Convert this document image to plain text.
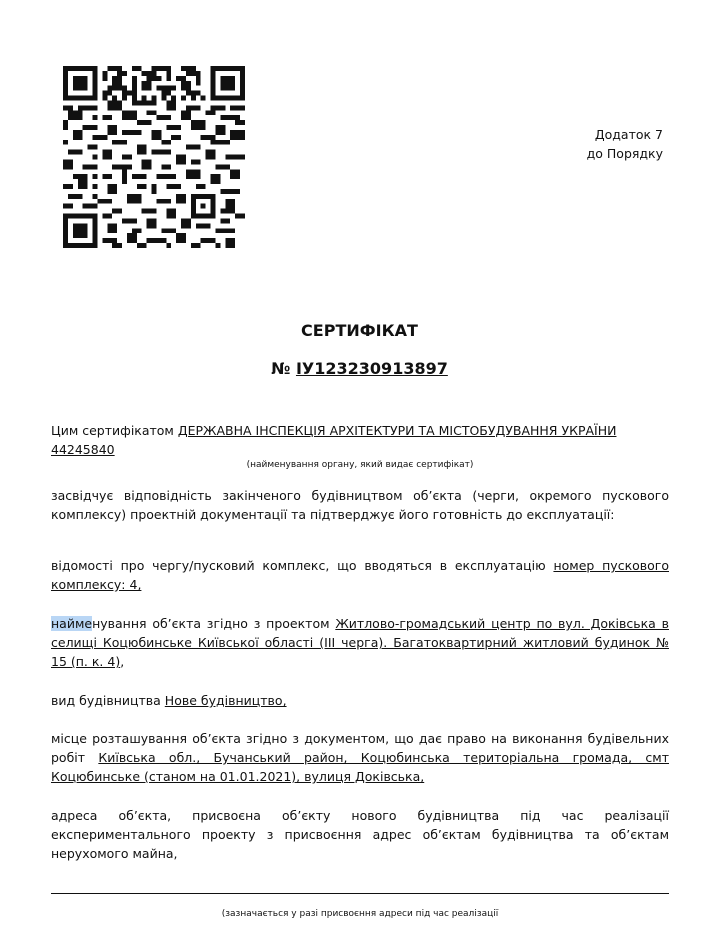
Додаток 7
до Порядку
СЕРТИФІКАТ
№ ІУ123230913897
Цим сертифікатом ДЕРЖАВНА ІНСПЕКЦІЯ АРХІТЕКТУРИ ТА МІСТОБУДУВАННЯ УКРАЇНИ
44245840
(найменування органу, який видає сертифікат)
засвідчує відповідність закінченого будівництвом об’єкта (черги, окремого пускового комплексу) проектній документації та підтверджує його готовність до експлуатації:
відомості про чергу/пусковий комплекс, що вводяться в експлуатацію номер пускового комплексу: 4,
найменування об’єкта згідно з проектом Житлово-громадський центр по вул. Доківська в селищі Коцюбинське Київської області (ІІІ черга). Багатоквартирний житловий будинок № 15 (п. к. 4),
вид будівництва Нове будівництво,
місце розташування об’єкта згідно з документом, що дає право на виконання будівельних робіт Київська обл., Бучанський район, Коцюбинська територіальна громада, смт Коцюбинське (станом на 01.01.2021), вулиця Доківська,
адреса об’єкта, присвоєна об’єкту нового будівництва під час реалізації експериментального проекту з присвоєння адрес об’єктам будівництва та об’єктам нерухомого майна,
(зазначається у разі присвоєння адреси під час реалізації
